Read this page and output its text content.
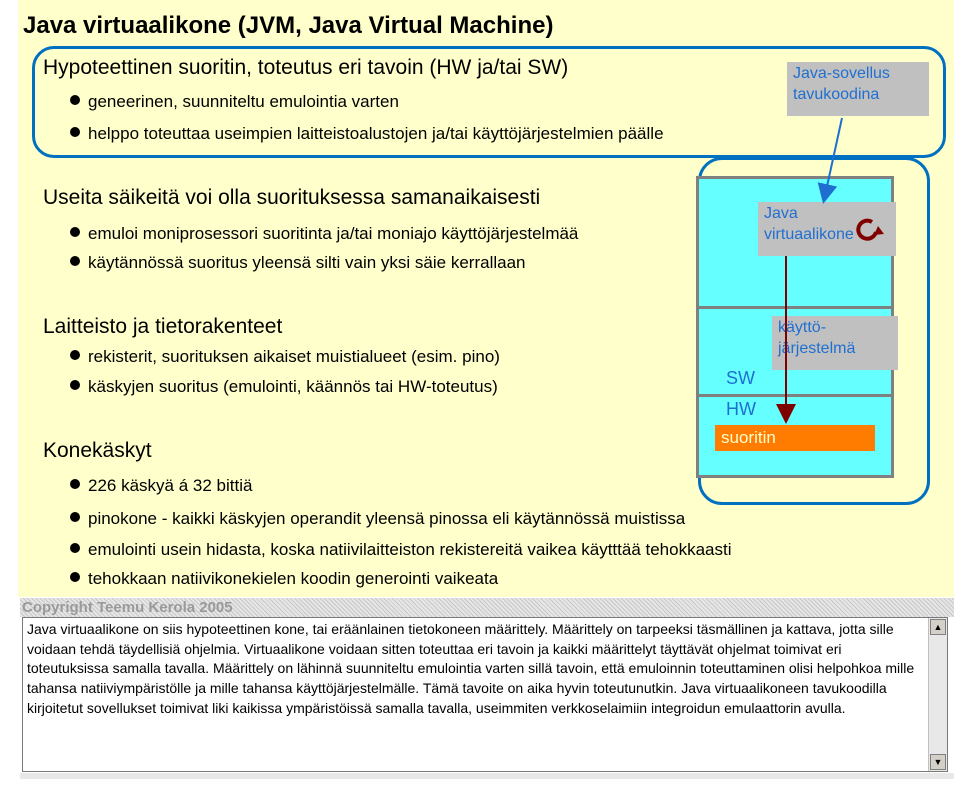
Java virtuaalikone (JVM, Java Virtual Machine)
Hypoteettinen suoritin, toteutus eri tavoin (HW ja/tai SW)
geneerinen, suunniteltu emulointia varten
helppo toteuttaa useimpien laitteistoalustojen ja/tai käyttöjärjestelmien päälle
Useita säikeitä voi olla suorituksessa samanaikaisesti
emuloi moniprosessori suoritinta ja/tai moniajo käyttöjärjestelmää
käytännössä suoritus yleensä silti vain yksi säie kerrallaan
Laitteisto ja tietorakenteet
rekisterit, suorituksen aikaiset muistialueet (esim. pino)
käskyjen suoritus (emulointi, käännös tai HW-toteutus)
Konekäskyt
226 käskyä á 32 bittiä
pinokone - kaikki käskyjen operandit yleensä pinossa eli käytännössä muistissa
emulointi usein hidasta, koska natiivilaitteiston rekistereitä vaikea käytttää tehokkaasti
tehokkaan natiivikonekielen koodin generointi vaikeata
Java-sovellus
tavukoodina
Java
virtuaalikone
käyttö-
järjestelmä
SW
HW
suoritin
Copyright Teemu Kerola 2005
Java virtuaalikone on siis hypoteettinen kone, tai eräänlainen tietokoneen määrittely. Määrittely on tarpeeksi täsmällinen ja kattava, jotta sille voidaan tehdä täydellisiä ohjelmia. Virtuaalikone voidaan sitten toteuttaa eri tavoin ja kaikki määrittelyt täyttävät ohjelmat toimivat eri toteutuksissa samalla tavalla. Määrittely on lähinnä suunniteltu emulointia varten sillä tavoin, että emuloinnin toteuttaminen olisi helpohkoa mille tahansa natiiviympäristölle ja mille tahansa käyttöjärjestelmälle. Tämä tavoite on aika hyvin toteutunutkin. Java virtuaalikoneen tavukoodilla kirjoitetut sovellukset toimivat liki kaikissa ympäristöissä samalla tavalla, useimmiten verkkoselaimiin integroidun emulaattorin avulla.
▲
▼
